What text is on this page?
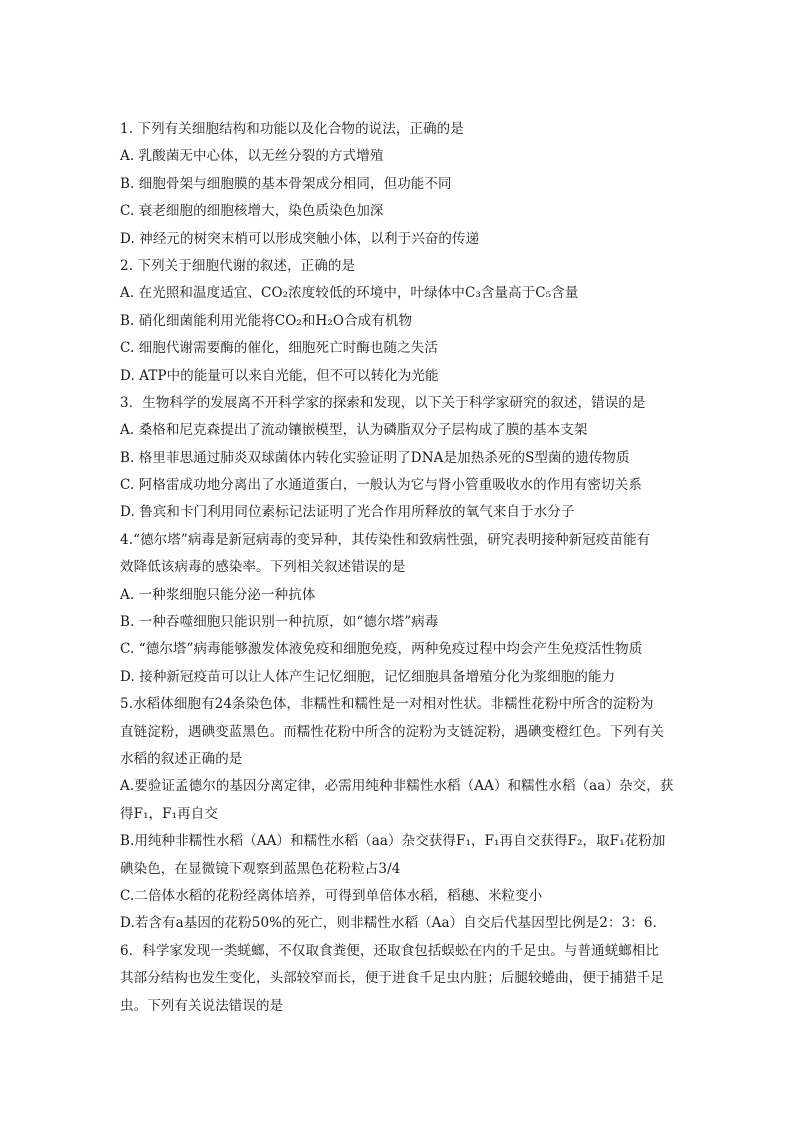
1. 下列有关细胞结构和功能以及化合物的说法，正确的是
A. 乳酸菌无中心体，以无丝分裂的方式增殖
B. 细胞骨架与细胞膜的基本骨架成分相同，但功能不同
C. 衰老细胞的细胞核增大，染色质染色加深
D. 神经元的树突末梢可以形成突触小体，以利于兴奋的传递
2. 下列关于细胞代谢的叙述，正确的是
A. 在光照和温度适宜、CO₂浓度较低的环境中，叶绿体中C₃含量高于C₅含量
B. 硝化细菌能利用光能将CO₂和H₂O合成有机物
C. 细胞代谢需要酶的催化，细胞死亡时酶也随之失活
D. ATP中的能量可以来自光能，但不可以转化为光能
3．生物科学的发展离不开科学家的探索和发现，以下关于科学家研究的叙述，错误的是
A. 桑格和尼克森提出了流动镶嵌模型，认为磷脂双分子层构成了膜的基本支架
B. 格里菲思通过肺炎双球菌体内转化实验证明了DNA是加热杀死的S型菌的遗传物质
C. 阿格雷成功地分离出了水通道蛋白，一般认为它与肾小管重吸收水的作用有密切关系
D. 鲁宾和卡门利用同位素标记法证明了光合作用所释放的氧气来自于水分子
4.“德尔塔”病毒是新冠病毒的变异种，其传染性和致病性强，研究表明接种新冠疫苗能有
效降低该病毒的感染率。下列相关叙述错误的是
A. 一种浆细胞只能分泌一种抗体
B. 一种吞噬细胞只能识别一种抗原，如“德尔塔”病毒
C. “德尔塔”病毒能够激发体液免疫和细胞免疫，两种免疫过程中均会产生免疫活性物质
D. 接种新冠疫苗可以让人体产生记忆细胞，记忆细胞具备增殖分化为浆细胞的能力
5.水稻体细胞有24条染色体，非糯性和糯性是一对相对性状。非糯性花粉中所含的淀粉为
直链淀粉，遇碘变蓝黑色。而糯性花粉中所含的淀粉为支链淀粉，遇碘变橙红色。下列有关
水稻的叙述正确的是
A.要验证孟德尔的基因分离定律，必需用纯种非糯性水稻（AA）和糯性水稻（aa）杂交，获
得F₁，F₁再自交
B.用纯种非糯性水稻（AA）和糯性水稻（aa）杂交获得F₁，F₁再自交获得F₂，取F₁花粉加
碘染色，在显微镜下观察到蓝黑色花粉粒占3/4
C.二倍体水稻的花粉经离体培养，可得到单倍体水稻，稻穗、米粒变小
D.若含有a基因的花粉50%的死亡，则非糯性水稻（Aa）自交后代基因型比例是2：3：6.
6．科学家发现一类蜣螂，不仅取食粪便，还取食包括蜈蚣在内的千足虫。与普通蜣螂相比
其部分结构也发生变化，头部较窄而长，便于进食千足虫内脏；后腿较蜷曲，便于捕猎千足
虫。下列有关说法错误的是
